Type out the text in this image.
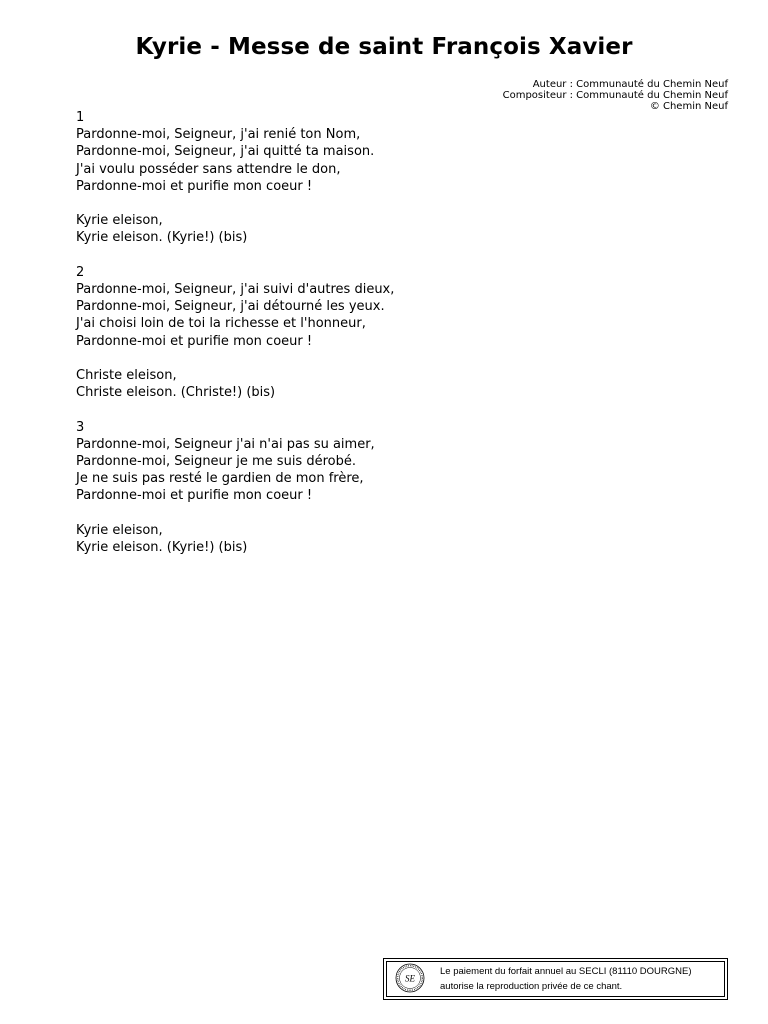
Kyrie - Messe de saint François Xavier
Auteur : Communauté du Chemin Neuf
Compositeur : Communauté du Chemin Neuf
© Chemin Neuf
1
Pardonne-moi, Seigneur, j'ai renié ton Nom,
Pardonne-moi, Seigneur, j'ai quitté ta maison.
J'ai voulu posséder sans attendre le don,
Pardonne-moi et purifie mon coeur !
Kyrie eleison,
Kyrie eleison. (Kyrie!) (bis)
2
Pardonne-moi, Seigneur, j'ai suivi d'autres dieux,
Pardonne-moi, Seigneur, j'ai détourné les yeux.
J'ai choisi loin de toi la richesse et l'honneur,
Pardonne-moi et purifie mon coeur !
Christe eleison,
Christe eleison. (Christe!) (bis)
3
Pardonne-moi, Seigneur j'ai n'ai pas su aimer,
Pardonne-moi, Seigneur je me suis dérobé.
Je ne suis pas resté le gardien de mon frère,
Pardonne-moi et purifie mon coeur !
Kyrie eleison,
Kyrie eleison. (Kyrie!) (bis)
SE
Le paiement du forfait annuel au SECLI (81110 DOURGNE)
autorise la reproduction privée de ce chant.
